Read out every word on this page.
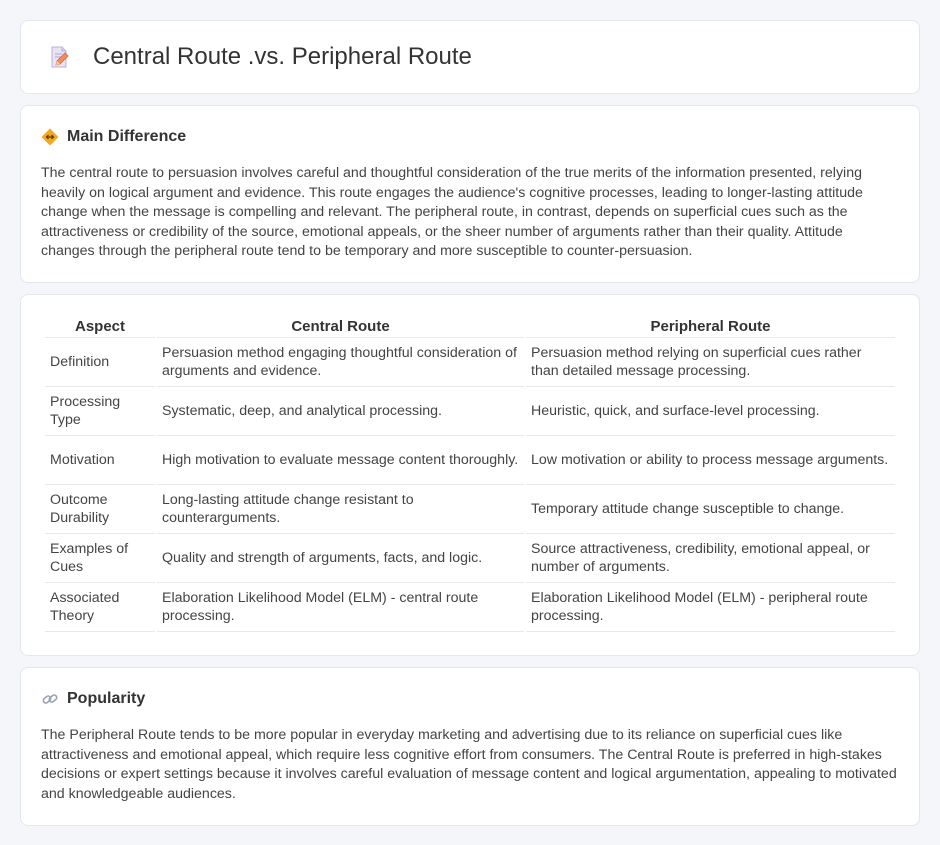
Central Route .vs. Peripheral Route
Main Difference

The central route to persuasion involves careful and thoughtful consideration of the true merits of the information presented, relying heavily on logical argument and evidence. This route engages the audience's cognitive processes, leading to longer-lasting attitude change when the message is compelling and relevant. The peripheral route, in contrast, depends on superficial cues such as the attractiveness or credibility of the source, emotional appeals, or the sheer number of arguments rather than their quality. Attitude changes through the peripheral route tend to be temporary and more susceptible to counter-persuasion.

Aspect	Central Route	Peripheral Route
Definition	Persuasion method engaging thoughtful consideration of arguments and evidence.	Persuasion method relying on superficial cues rather than detailed message processing.
Processing Type	Systematic, deep, and analytical processing.	Heuristic, quick, and surface-level processing.
Motivation	High motivation to evaluate message content thoroughly.	Low motivation or ability to process message arguments.
Outcome Durability	Long-lasting attitude change resistant to counterarguments.	Temporary attitude change susceptible to change.
Examples of Cues	Quality and strength of arguments, facts, and logic.	Source attractiveness, credibility, emotional appeal, or number of arguments.
Associated Theory	Elaboration Likelihood Model (ELM) - central route processing.	Elaboration Likelihood Model (ELM) - peripheral route processing.
Popularity

The Peripheral Route tends to be more popular in everyday marketing and advertising due to its reliance on superficial cues like attractiveness and emotional appeal, which require less cognitive effort from consumers. The Central Route is preferred in high-stakes decisions or expert settings because it involves careful evaluation of message content and logical argumentation, appealing to motivated and knowledgeable audiences.
